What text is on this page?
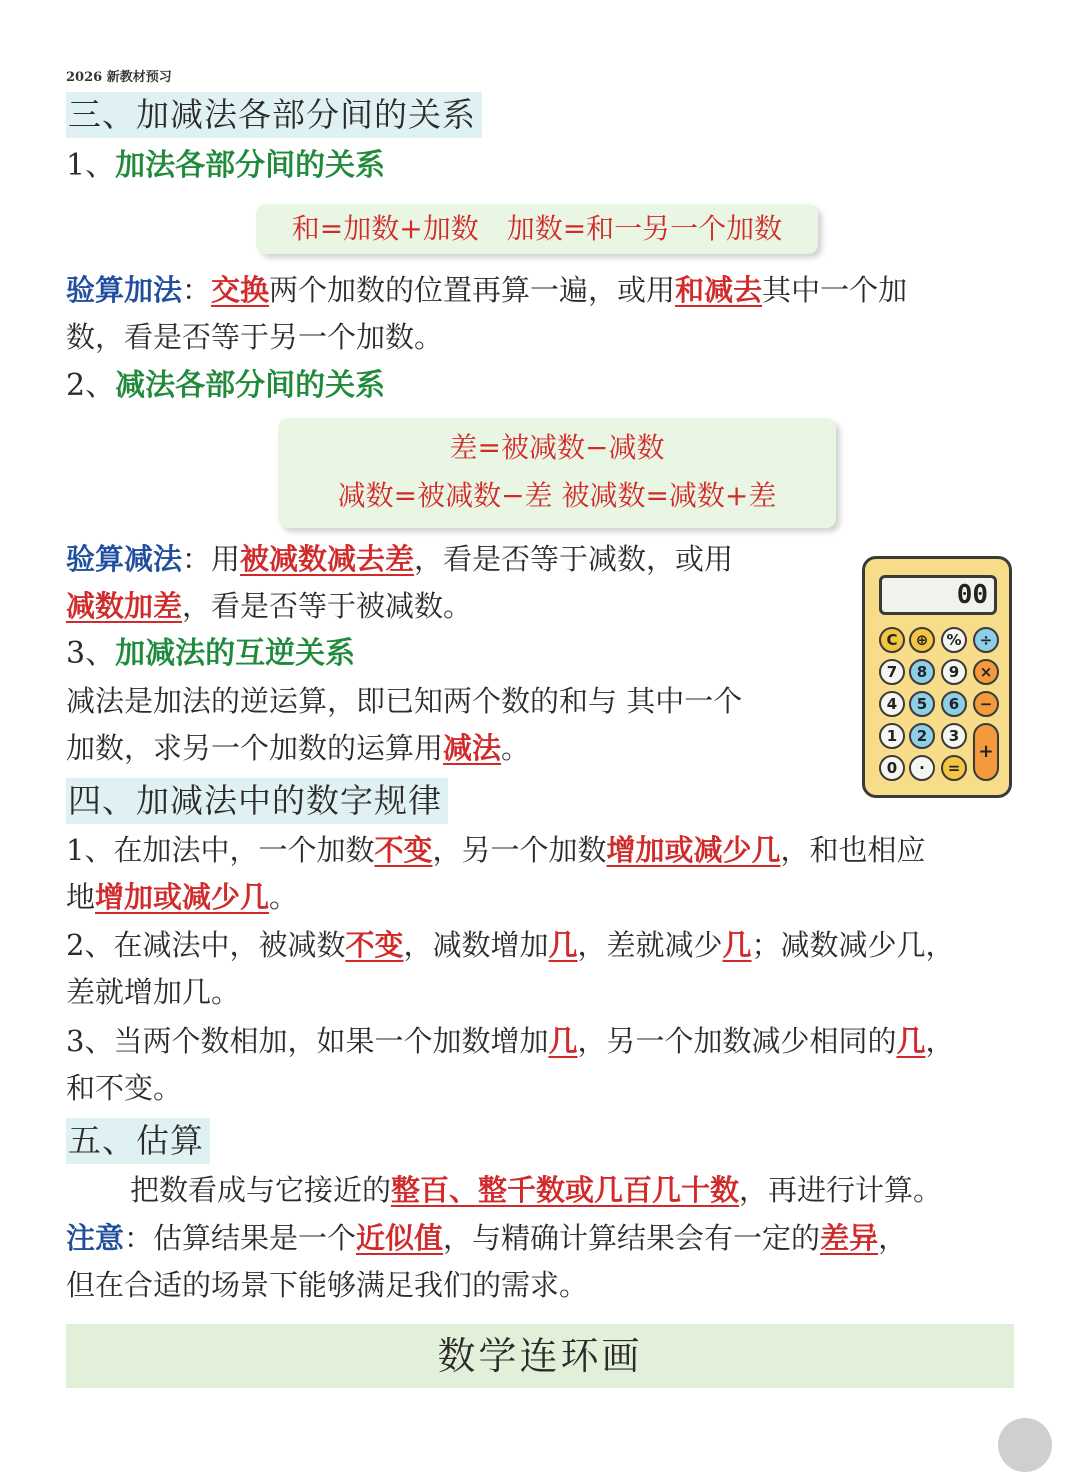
2026 新教材预习
三、加减法各部分间的关系
1、加法各部分间的关系
和=加数+加数　加数=和一另一个加数
验算加法：交换两个加数的位置再算一遍，或用和减去其中一个加
数，看是否等于另一个加数。
2、减法各部分间的关系
差=被减数−减数
减数=被减数−差 被减数=减数+差
验算减法：用被减数减去差，看是否等于减数，或用
减数加差，看是否等于被减数。
3、加减法的互逆关系
减法是加法的逆运算，即已知两个数的和与 其中一个
加数，求另一个加数的运算用减法。
00
C	⊕	%	÷
7	8	9	×
4	5	6	−
1	2	3
+
0	·	=
四、加减法中的数字规律
1、在加法中，一个加数不变，另一个加数增加或减少几，和也相应
地增加或减少几。
2、在减法中，被减数不变，减数增加几，差就减少几；减数减少几，
差就增加几。
3、当两个数相加，如果一个加数增加几，另一个加数减少相同的几，
和不变。
五、估算
把数看成与它接近的整百、整千数或几百几十数，再进行计算。
注意：估算结果是一个近似值，与精确计算结果会有一定的差异，
但在合适的场景下能够满足我们的需求。
数学连环画
